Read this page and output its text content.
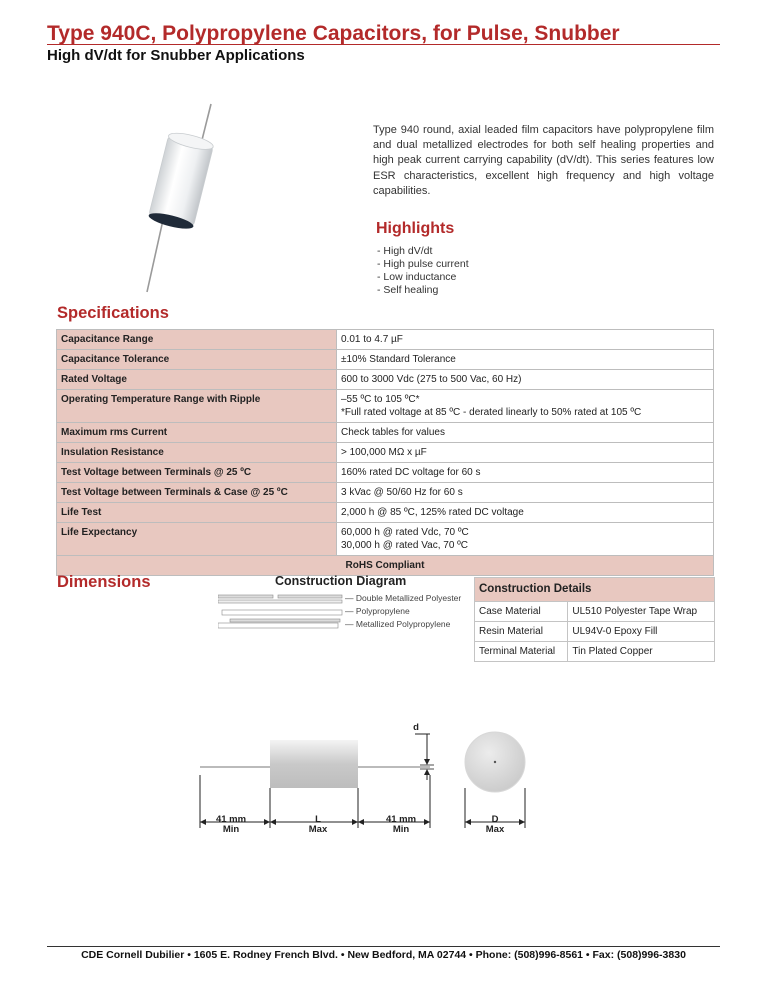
Type 940C, Polypropylene Capacitors, for Pulse, Snubber
High dV/dt for Snubber Applications
Type 940 round, axial leaded film capacitors have polypropylene film and dual metallized electrodes for both self healing properties and high peak current carrying capability (dV/dt). This series features low ESR characteristics, excellent high frequency and high voltage capabilities.
Highlights
- High dV/dt
- High pulse current
- Low inductance
- Self healing
Specifications
Capacitance Range	0.01 to 4.7 µF
Capacitance Tolerance	±10% Standard Tolerance
Rated Voltage	600 to 3000 Vdc (275 to 500 Vac, 60 Hz)
Operating Temperature Range with Ripple	–55 ºC to 105 ºC*
*Full rated voltage at 85 ºC - derated linearly to 50% rated at 105 ºC

Maximum rms Current	Check tables for values
Insulation Resistance	> 100,000 MΩ x µF
Test Voltage between Terminals @ 25 ºC	160% rated DC voltage for 60 s
Test Voltage between Terminals & Case @ 25 ºC	3 kVac @ 50/60 Hz for 60 s
Life Test	2,000 h @ 85 ºC, 125% rated DC voltage
Life Expectancy	60,000 h @ rated Vdc, 70 ºC
30,000 h @ rated Vac, 70 ºC

RoHS Compliant	
Dimensions	Construction Diagram
— Double Metallized Polyester
— Polypropylene
— Metallized Polypropylene
Construction Details	
Case Material	UL510 Polyester Tape Wrap
Resin Material	UL94V-0 Epoxy Fill
Terminal Material	Tin Plated Copper
41 mm
Min
L
Max
41 mm
Min
D
Max
d
CDE Cornell Dubilier • 1605 E. Rodney French Blvd. • New Bedford, MA 02744 • Phone: (508)996-8561 • Fax: (508)996-3830
